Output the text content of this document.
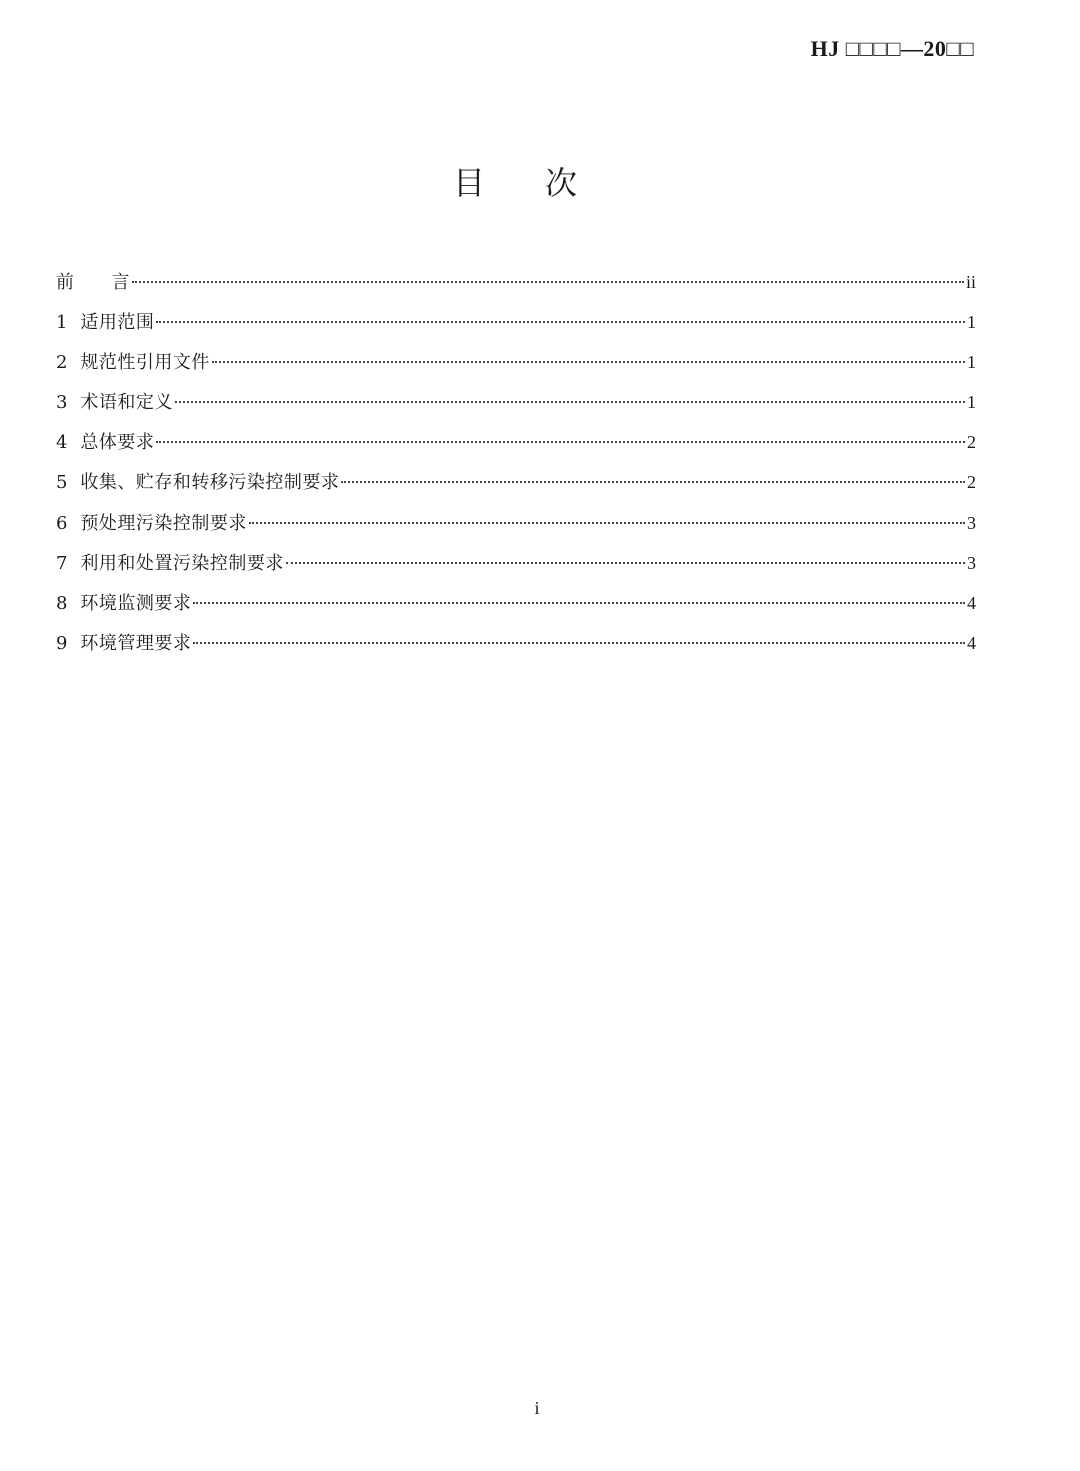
HJ □□□□—20□□
目次
前　　言	ii
1  适用范围	1
2  规范性引用文件	1
3  术语和定义	1
4  总体要求	2
5  收集、贮存和转移污染控制要求	2
6  预处理污染控制要求	3
7  利用和处置污染控制要求	3
8  环境监测要求	4
9  环境管理要求	4
i
